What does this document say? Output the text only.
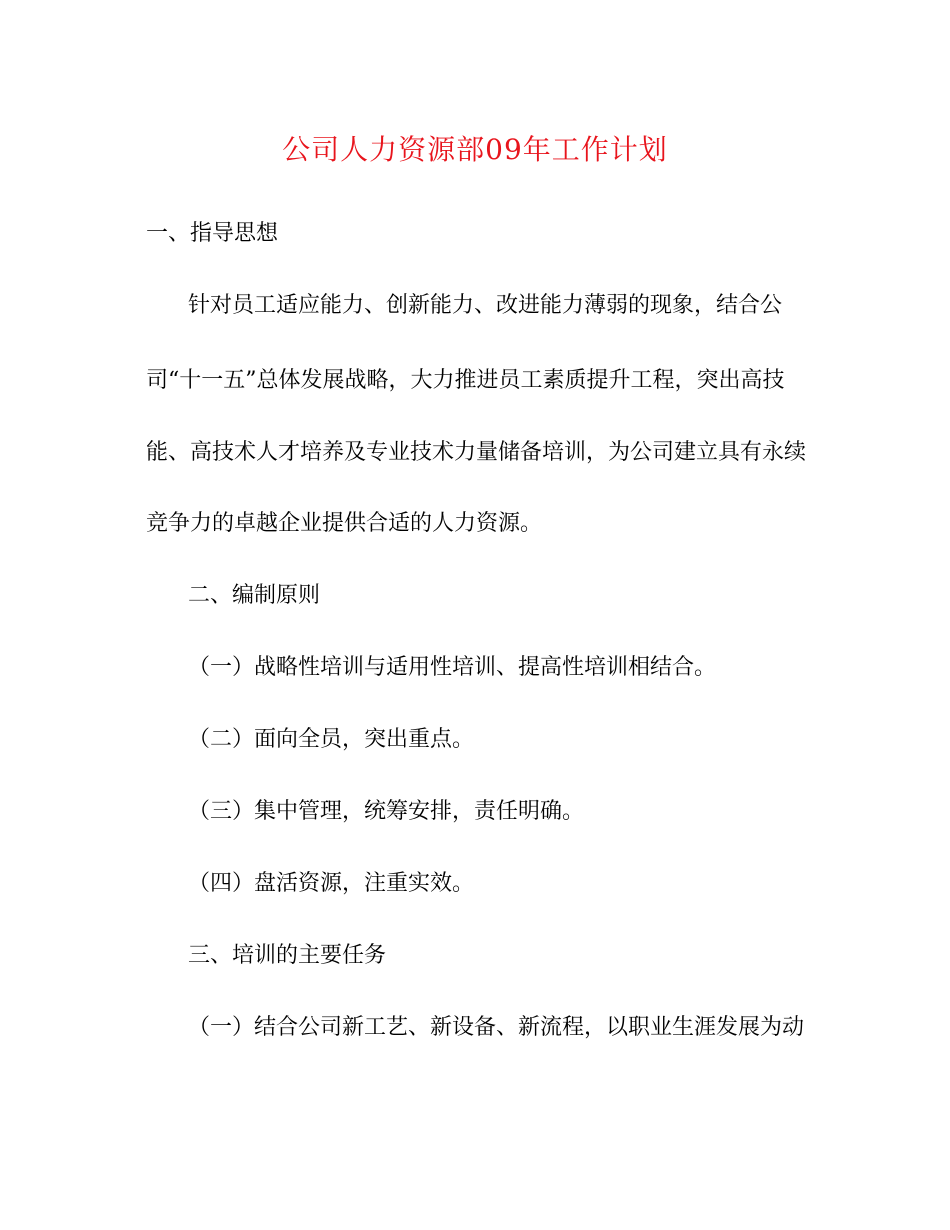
公司人力资源部09年工作计划
一、指导思想
针对员工适应能力、创新能力、改进能力薄弱的现象，结合公
司“十一五”总体发展战略，大力推进员工素质提升工程，突出高技
能、高技术人才培养及专业技术力量储备培训，为公司建立具有永续
竞争力的卓越企业提供合适的人力资源。
二、编制原则
（一）战略性培训与适用性培训、提高性培训相结合。
（二）面向全员，突出重点。
（三）集中管理，统筹安排，责任明确。
（四）盘活资源，注重实效。
三、培训的主要任务
（一）结合公司新工艺、新设备、新流程，以职业生涯发展为动
